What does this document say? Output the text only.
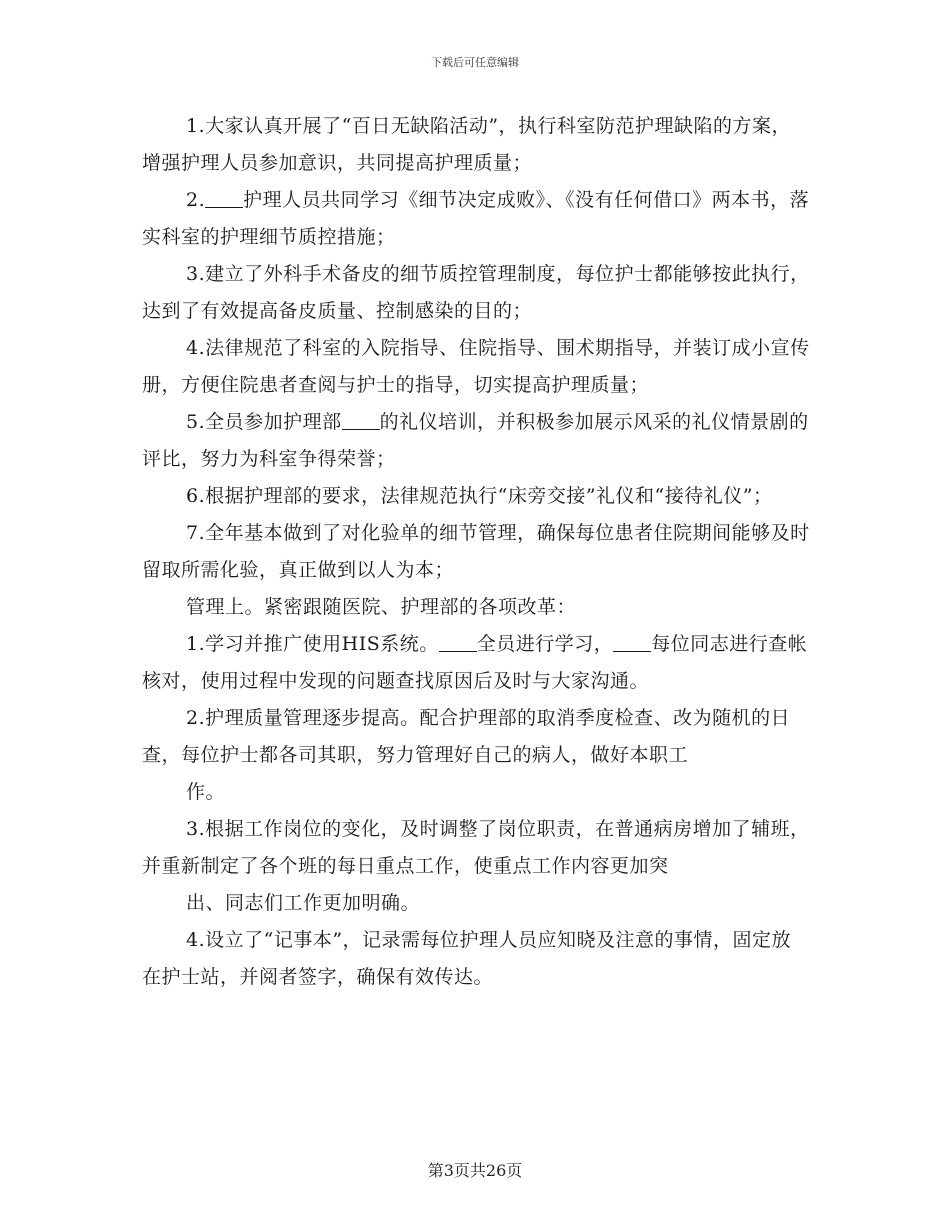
下载后可任意编辑

1.大家认真开展了“百日无缺陷活动”，执行科室防范护理缺陷的方案，增强护理人员参加意识，共同提高护理质量；

2. 护理人员共同学习《细节决定成败》、《没有任何借口》两本书，落实科室的护理细节质控措施；

3.建立了外科手术备皮的细节质控管理制度，每位护士都能够按此执行，达到了有效提高备皮质量、控制感染的目的；

4.法律规范了科室的入院指导、住院指导、围术期指导，并装订成小宣传册，方便住院患者查阅与护士的指导，切实提高护理质量；

5.全员参加护理部 的礼仪培训，并积极参加展示风采的礼仪情景剧的评比，努力为科室争得荣誉；

6.根据护理部的要求，法律规范执行“床旁交接”礼仪和“接待礼仪”；

7.全年基本做到了对化验单的细节管理，确保每位患者住院期间能够及时留取所需化验，真正做到以人为本；

管理上。紧密跟随医院、护理部的各项改革：

1.学习并推广使用HIS系统。 全员进行学习， 每位同志进行查帐核对，使用过程中发现的问题查找原因后及时与大家沟通。

2.护理质量管理逐步提高。配合护理部的取消季度检查、改为随机的日查，每位护士都各司其职，努力管理好自己的病人，做好本职工

作。

3.根据工作岗位的变化，及时调整了岗位职责，在普通病房增加了辅班，并重新制定了各个班的每日重点工作，使重点工作内容更加突

出、同志们工作更加明确。

4.设立了“记事本”，记录需每位护理人员应知晓及注意的事情，固定放在护士站，并阅者签字，确保有效传达。

第3页共26页
